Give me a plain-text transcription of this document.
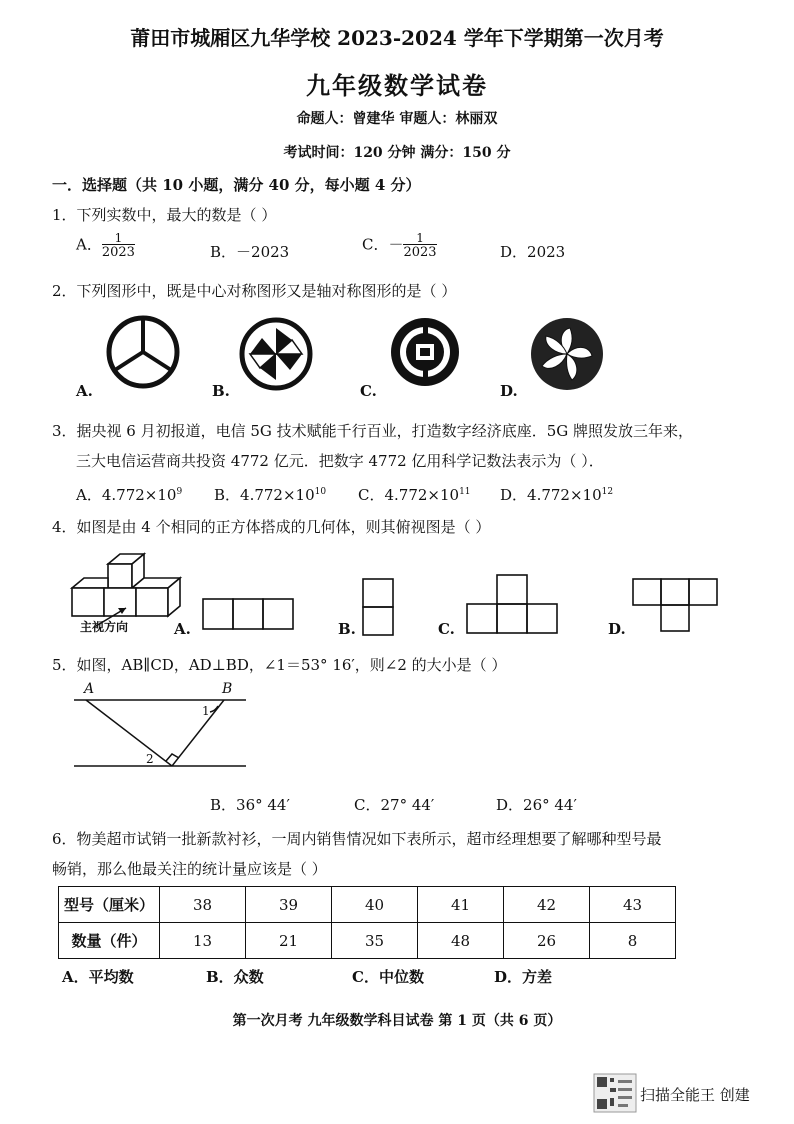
莆田市城厢区九华学校 2023-2024 学年下学期第一次月考
九年级数学试卷
命题人：曾建华 审题人：林丽双
考试时间：120 分钟 满分：150 分
一．选择题（共 10 小题，满分 40 分，每小题 4 分）
1．下列实数中，最大的数是（ ）
A． $\frac{1}{2023}$	B．－2023	C．－ $\frac{1}{2023}$	D．2023
2．下列图形中，既是中心对称图形又是轴对称图形的是（ ）
A.	B.	C.	D.
3．据央视 6 月初报道，电信 5G 技术赋能千行百业，打造数字经济底座．5G 牌照发放三年来，
三大电信运营商共投资 4772 亿元．把数字 4772 亿用科学记数法表示为（ ）．
A．$4.772\times 10^9$ B．$4.772\times 10^{10}$ C．$4.772\times 10^{11}$ D．$4.772\times 10^{12}$
4．如图是由 4 个相同的正方体搭成的几何体，则其俯视图是（ ）
主视方向	A.	B.	C.	D.
5．如图，AB∥CD，AD⊥BD，∠1＝53° 16′，则∠2 的大小是（ ）
A	B
1
2
B．36° 44′	C．27° 44′	D．26° 44′
6．物美超市试销一批新款衬衫，一周内销售情况如下表所示，超市经理想要了解哪种型号最
畅销，那么他最关注的统计量应该是（ ）
型号（厘米）	38	39	40	41	42	43
数量（件）	13	21	35	48	26	8
A．平均数	B．众数	C．中位数	D．方差
第一次月考 九年级数学科目试卷 第 1 页（共 6 页）
扫描全能王 创建
